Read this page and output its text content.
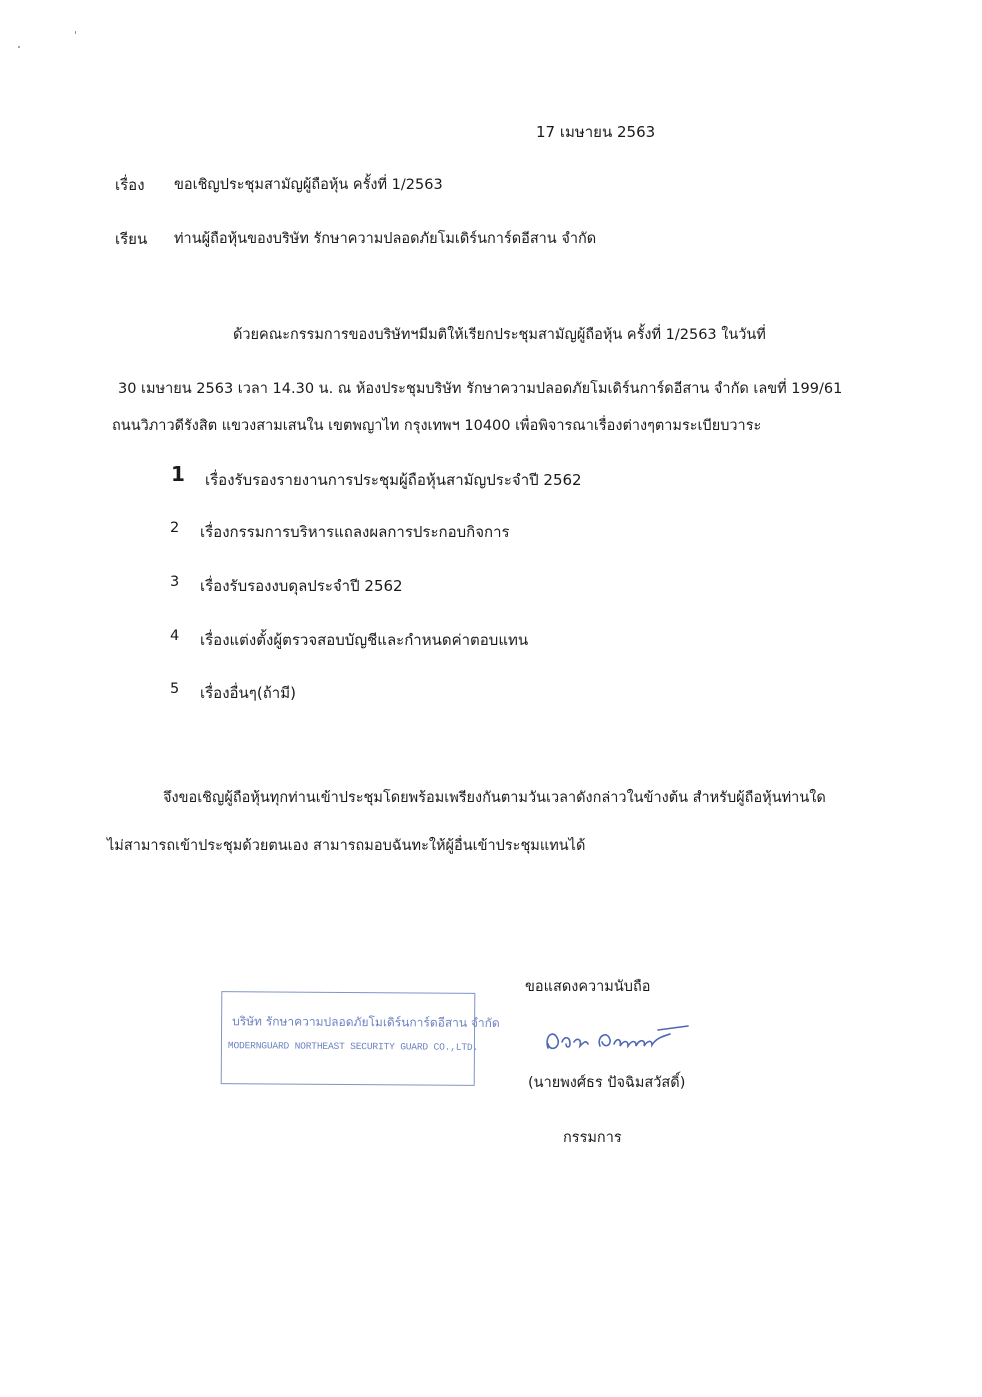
17 เมษายน 2563
เรื่อง ขอเชิญประชุมสามัญผู้ถือหุ้น ครั้งที่ 1/2563
เรียน ท่านผู้ถือหุ้นของบริษัท รักษาความปลอดภัยโมเดิร์นการ์ดอีสาน จำกัด
ด้วยคณะกรรมการของบริษัทฯมีมติให้เรียกประชุมสามัญผู้ถือหุ้น ครั้งที่ 1/2563 ในวันที่
30 เมษายน 2563 เวลา 14.30 น. ณ ห้องประชุมบริษัท รักษาความปลอดภัยโมเดิร์นการ์ดอีสาน จำกัด เลขที่ 199/61
ถนนวิภาวดีรังสิต แขวงสามเสนใน เขตพญาไท กรุงเทพฯ 10400 เพื่อพิจารณาเรื่องต่างๆตามระเบียบวาระ
1	เรื่องรับรองรายงานการประชุมผู้ถือหุ้นสามัญประจำปี 2562
2 เรื่องกรรมการบริหารแถลงผลการประกอบกิจการ
3 เรื่องรับรองงบดุลประจำปี 2562
4 เรื่องแต่งตั้งผู้ตรวจสอบบัญชีและกำหนดค่าตอบแทน
5 เรื่องอื่นๆ(ถ้ามี)
จึงขอเชิญผู้ถือหุ้นทุกท่านเข้าประชุมโดยพร้อมเพรียงกันตามวันเวลาดังกล่าวในข้างต้น สำหรับผู้ถือหุ้นท่านใด
ไม่สามารถเข้าประชุมด้วยตนเอง สามารถมอบฉันทะให้ผู้อื่นเข้าประชุมแทนได้
ขอแสดงความนับถือ
(นายพงศ์ธร ปัจฉิมสวัสดิ์)
กรรมการ
บริษัท รักษาความปลอดภัยโมเดิร์นการ์ดอีสาน จำกัด
MODERNGUARD NORTHEAST SECURITY GUARD CO.,LTD.
